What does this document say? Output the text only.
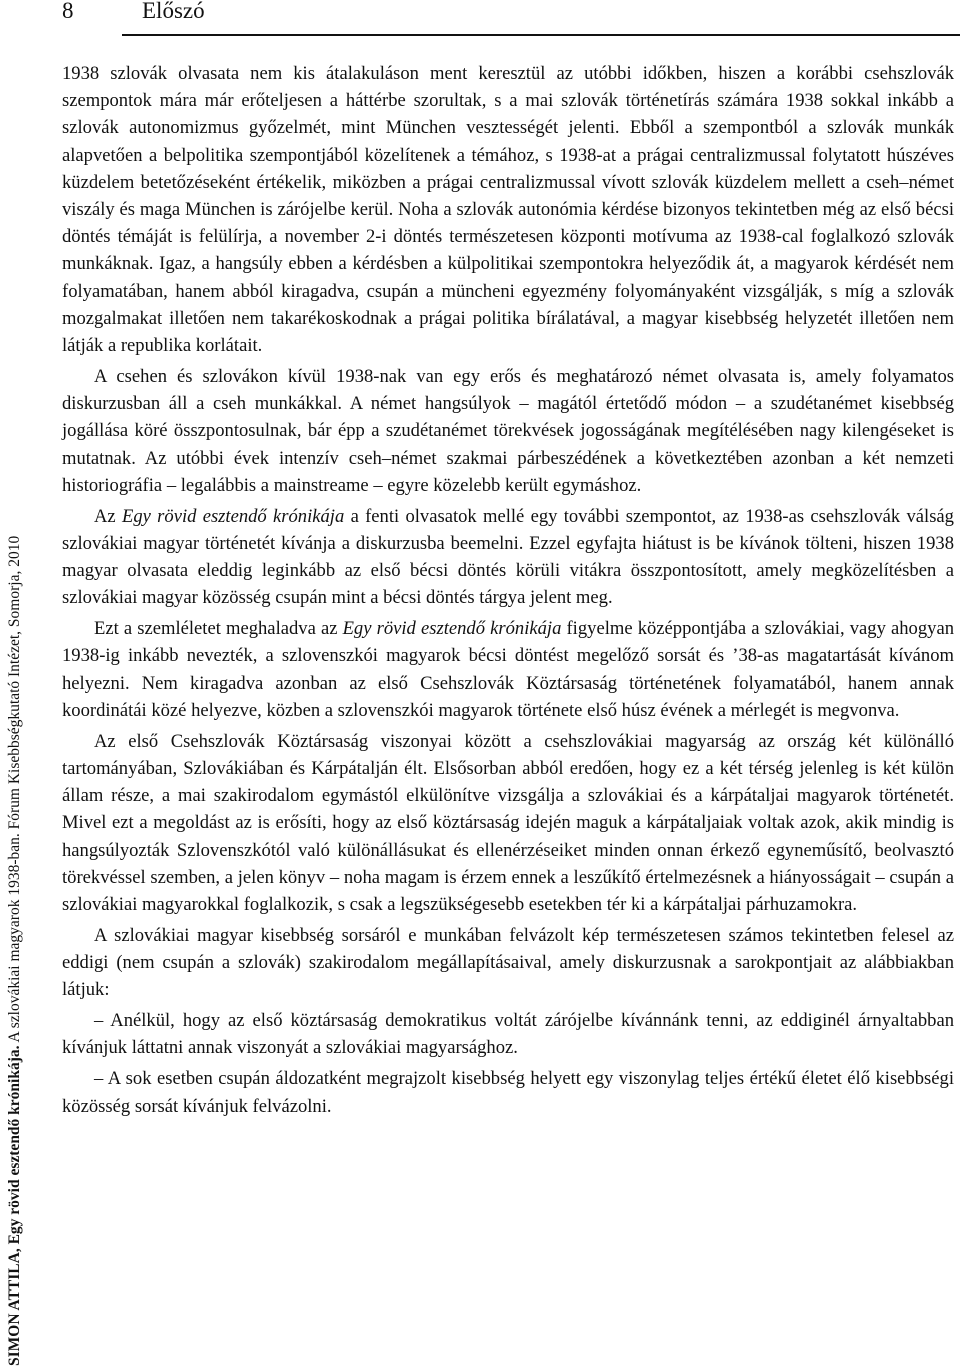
8	Előszó
SIMON ATTILA, Egy rövid esztendő krónikája. A szlovákiai magyarok 1938-ban. Fórum Kisebbségkutató Intézet, Somorja, 2010

1938 szlovák olvasata nem kis átalakuláson ment keresztül az utóbbi időkben, hiszen a korábbi csehszlovák szempontok mára már erőteljesen a háttérbe szorultak, s a mai szlovák történetírás számára 1938 sokkal inkább a szlovák autonomizmus győzelmét, mint München vesztességét jelenti. Ebből a szempontból a szlovák munkák alapvetően a belpolitika szempontjából közelítenek a témához, s 1938-at a prágai centralizmussal folytatott húszéves küzdelem betetőzéseként értékelik, miközben a prágai centralizmussal vívott szlovák küzdelem mellett a cseh–német viszály és maga München is zárójelbe kerül. Noha a szlovák autonómia kérdése bizonyos tekintetben még az első bécsi döntés témáját is felülírja, a november 2-i döntés természetesen központi motívuma az 1938-cal foglalkozó szlovák munkáknak. Igaz, a hangsúly ebben a kérdésben a külpolitikai szempontokra helyeződik át, a magyarok kérdését nem folyamatában, hanem abból kiragadva, csupán a müncheni egyezmény folyományaként vizsgálják, s míg a szlovák mozgalmakat illetően nem takarékoskodnak a prágai politika bírálatával, a magyar kisebbség helyzetét illetően nem látják a republika korlátait.

A csehen és szlovákon kívül 1938-nak van egy erős és meghatározó német olvasata is, amely folyamatos diskurzusban áll a cseh munkákkal. A német hangsúlyok – magától értetődő módon – a szudétanémet kisebbség jogállása köré összpontosulnak, bár épp a szudétanémet törekvések jogosságának megítélésében nagy kilengéseket is mutatnak. Az utóbbi évek intenzív cseh–német szakmai párbeszédének a következtében azonban a két nemzeti historiográfia – legalábbis a mainstreame – egyre közelebb került egymáshoz.

Az Egy rövid esztendő krónikája a fenti olvasatok mellé egy további szempontot, az 1938-as csehszlovák válság szlovákiai magyar történetét kívánja a diskurzusba beemelni. Ezzel egyfajta hiátust is be kívánok tölteni, hiszen 1938 magyar olvasata eleddig leginkább az első bécsi döntés körüli vitákra összpontosított, amely megközelítésben a szlovákiai magyar közösség csupán mint a bécsi döntés tárgya jelent meg.

Ezt a szemléletet meghaladva az Egy rövid esztendő krónikája figyelme középpontjába a szlovákiai, vagy ahogyan 1938-ig inkább nevezték, a szlovenszkói magyarok bécsi döntést megelőző sorsát és ’38-as magatartását kívánom helyezni. Nem kiragadva azonban az első Csehszlovák Köztársaság történetének folyamatából, hanem annak koordinátái közé helyezve, közben a szlovenszkói magyarok története első húsz évének a mérlegét is megvonva.

Az első Csehszlovák Köztársaság viszonyai között a csehszlovákiai magyarság az ország két különálló tartományában, Szlovákiában és Kárpátalján élt. Elsősorban abból eredően, hogy ez a két térség jelenleg is két külön állam része, a mai szakirodalom egymástól elkülönítve vizsgálja a szlovákiai és a kárpátaljai magyarok történetét. Mivel ezt a megoldást az is erősíti, hogy az első köztársaság idején maguk a kárpátaljaiak voltak azok, akik mindig is hangsúlyozták Szlovenszkótól való különállásukat és ellenérzéseiket minden onnan érkező egyneműsítő, beolvasztó törekvéssel szemben, a jelen könyv – noha magam is érzem ennek a leszűkítő értelmezésnek a hiányosságait – csupán a szlovákiai magyarokkal foglalkozik, s csak a legszükségesebb esetekben tér ki a kárpátaljai párhuzamokra.

A szlovákiai magyar kisebbség sorsáról e munkában felvázolt kép természetesen számos tekintetben felesel az eddigi (nem csupán a szlovák) szakirodalom megállapításaival, amely diskurzusnak a sarokpontjait az alábbiakban látjuk:

– Anélkül, hogy az első köztársaság demokratikus voltát zárójelbe kívánnánk tenni, az eddiginél árnyaltabban kívánjuk láttatni annak viszonyát a szlovákiai magyarsághoz.

– A sok esetben csupán áldozatként megrajzolt kisebbség helyett egy viszonylag teljes értékű életet élő kisebbségi közösség sorsát kívánjuk felvázolni.
